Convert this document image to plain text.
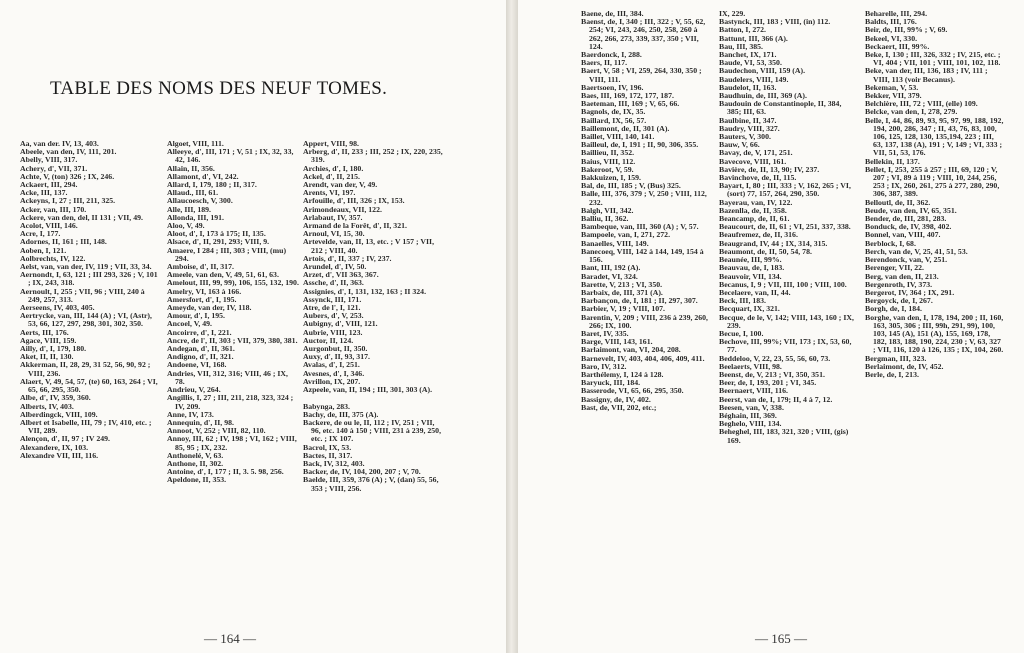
TABLE DES NOMS DES NEUF TOMES.

Aa, van der. IV, 13, 403.

Abeele, van den, IV, 111, 201.

Abelly, VIII, 317.

Achery, d', VII, 371.

Achte, V, (ton) 326 ; IX, 246.

Ackaert, III, 294.

Acke, III, 137.

Ackeyns, I, 27 ; III, 211, 325.

Acker, van, III, 170.

Ackere, van den, del, II 131 ; VII, 49.

Acolot, VIII, 146.

Acre, I, 177.

Adornes, II, 161 ; III, 148.

Aoben, I, 121.

Aolbrechts, IV, 122.

Aelst, van, van der, IV, 119 ; VII, 33, 34.

Aernondt, I, 63, 121 ; III 293, 326 ; V, 101 ; IX, 243, 318.

Aernoult, I, 255 ; VII, 96 ; VIII, 240 à 249, 257, 313.

Aerseens, IV, 403, 405.

Aertrycke, van, III, 144 (A) ; VI, (Astr), 53, 66, 127, 297, 298, 301, 302, 350.

Aerts, III, 176.

Agace, VIII, 159.

Ailly, d', I, 179, 180.

Aket, II, II, 130.

Akkerman, II, 28, 29, 31 52, 56, 90, 92 ; VIII, 236.

Alaert, V, 49, 54, 57, (te) 60, 163, 264 ; VI, 65, 66, 295, 350.

Albe, d', IV, 359, 360.

Alberts, IV, 403.

Alberdingck, VIII, 109.

Albert et Isabelle, III, 79 ; IV, 410, etc. ; VII, 289.

Alençon, d', II, 97 ; IV 249.

Alexandere, IX, 103.

Alexandre VII, III, 116.

Algoet, VIII, 111.

Alleeye, d', III, 171 ; V, 51 ; IX, 32, 33, 42, 146.

Allain, II, 356.

Allamont, d', VI, 242.

Allard, I, 179, 180 ; II, 317.

Allaud., III, 61.

Allaucoesch, V, 300.

Alle, III, 189.

Allonda, III, 191.

Aloo, V, 49.

Aloot, d', I, 173 à 175; II, 135.

Alsace, d', II, 291, 293; VIII, 9.

Amaere, I 284 ; III, 303 ; VIII, (mu) 294.

Amboise, d', II, 317.

Ameele, van den, V, 49, 51, 61, 63.

Amelout, III, 99, 99), 106, 155, 132, 190.

Amelry, VI, 163 à 166.

Amersfort, d', I, 195.

Ameyde, van der, IV, 118.

Amour, d', I, 195.

Ancoel, V, 49.

Ancoirre, d', I, 221.

Ancre, de l', II, 303 ; VII, 379, 380, 381.

Andegan, d', II, 361.

Andigno, d', II, 321.

Andoene, VI, 168.

Andries, VII, 312, 316; VIII, 46 ; IX, 78.

Andrieu, V, 264.

Angillis, I, 27 ; III, 211, 218, 323, 324 ; IV, 209.

Anne, IV, 173.

Annequin, d', II, 98.

Annoot, V, 252 ; VIII, 82, 110.

Annoy, III, 62 ; IV, 198 ; VI, 162 ; VIII, 85, 95 ; IX, 232.

Anthonelé, V, 63.

Anthone, II, 302.

Antoine, d', I, 177 ; II, 3. 5. 98, 256.

Apeldone, II, 353.

Appert, VIII, 98.

Arberg, d', II, 233 ; III, 252 ; IX, 220, 235, 319.

Archies, d', I, 180.

Ackel, d', II, 215.

Arendt, van der, V, 49.

Arents, VI, 197.

Arfouille, d', III, 326 ; IX, 153.

Arimondeaux, VII, 122.

Arlabaut, IV, 357.

Armand de la Forêt, d', II, 321.

Arnoul, VI, 15, 30.

Artevelde, van, II, 13, etc. ; V 157 ; VII, 212 ; VIII, 40.

Artois, d', II, 337 ; IV, 237.

Arundel, d', IV, 50.

Arzet, d', VII 363, 367.

Assche, d', II, 363.

Assignies, d', I, 131, 132, 163 ; II 324.

Assynck, III, 171.

Atre, de l', I, 121.

Aubers, d', V, 253.

Aubigny, d', VIII, 121.

Aubrie, VIII, 123.

Auctor, II, 124.

Aurgonbut, II, 350.

Auxy, d', II, 93, 317.

Avalas, d', I, 251.

Avesnes, d', I, 346.

Avrillon, IX, 207.

Azpeele, van, II, 194 ; III, 301, 303 (A).

Babynga, 283.

Bachy, de, III, 375 (A).

Backere, de ou le, II, 112 ; IV, 251 ; VII, 96, etc. 140 à 150 ; VIII, 231 à 239, 250, etc. ; IX 107.

Bacrol, IX, 53.

Bactes, II, 317.

Back, IV, 312, 403.

Backer, de, IV, 104, 200, 207 ; V, 70.

Baelde, III, 359, 376 (A) ; V, (dan) 55, 56, 353 ; VIII, 256.

— 164 —

Baene, de, III, 384.

Baenst, de, I, 340 ; III, 322 ; V, 55, 62, 254; VI, 243, 246, 250, 258, 260 à 262, 266, 273, 339, 337, 350 ; VII, 124.

Baerdonck, I, 288.

Baers, II, 117.

Baert, V, 58 ; VI, 259, 264, 330, 350 ; VIII, 111.

Baertsoen, IV, 196.

Baes, III, 169, 172, 177, 187.

Baeteman, III, 169 ; V, 65, 66.

Bagnols, de, IX, 35.

Baillard, IX, 56, 57.

Baillemont, de, II, 301 (A).

Baillet, VIII, 140, 141.

Bailleul, de, I, 191 ; II, 90, 306, 355.

Baillieu, II, 352.

Baius, VIII, 112.

Bakeroot, V, 59.

Bakkuizen, I, 159.

Bal, de, III, 185 ; V, (Bus) 325.

Balle, III, 376, 379 ; V, 250 ; VIII, 112, 232.

Balgh, VII, 342.

Balliu, II, 362.

Bambeque, van, III, 360 (A) ; V, 57.

Bampoele, van, I, 271, 272.

Banaelles, VIII, 149.

Banecoeq, VIII, 142 à 144, 149, 154 à 156.

Bant, III, 192 (A).

Baradet, VI, 324.

Barette, V, 213 ; VI, 350.

Barbaix, de, III, 371 (A).

Barbançon, de, I, 181 ; II, 297, 307.

Barbier, V, 19 ; VIII, 107.

Barentin, V, 209 ; VIII, 236 à 239, 260, 266; IX, 100.

Baret, IV, 335.

Barge, VIII, 143, 161.

Barlaimont, van, VI, 204, 208.

Barnevelt, IV, 403, 404, 406, 409, 411.

Baro, IV, 312.

Barthélemy, I, 124 à 128.

Baryuck, III, 184.

Basserode, VI, 65, 66, 295, 350.

Bassigny, de, IV, 402.

Bast, de, VII, 202, etc.;

IX, 229.

Bastynck, III, 183 ; VIII, (in) 112.

Batton, I, 272.

Battunt, III, 366 (A).

Bau, III, 385.

Banchet, IX, 171.

Baude, VI, 53, 350.

Baudechon, VIII, 159 (A).

Baudelers, VIII, 149.

Baudelot, II, 163.

Baudhuin, de, III, 369 (A).

Baudouin de Constantinople, II, 384, 385; III, 63.

Baulbine, II, 347.

Baudry, VIII, 327.

Bauters, V, 300.

Bauw, V, 66.

Bavay, de, V, 171, 251.

Bavecove, VIII, 161.

Bavière, de, II, 13, 90; IV, 237.

Bavinchove, de, II, 115.

Bayart, I, 80 ; III, 333 ; V, 162, 265 ; VI, (sort) 77, 157, 264, 290, 350.

Bayerau, van, IV, 122.

Bazenlla, de, II, 358.

Beancamp, de, II, 61.

Beaucourt, de, II, 61 ; VI, 251, 337, 338.

Beaufremez, de, II, 316.

Beaugrand, IV, 44 ; IX, 314, 315.

Beaumont, de, II, 50, 54, 78.

Beaunée, III, 99%.

Beauvau, de, I, 183.

Beauvoir, VII, 134.

Becanus, I, 9 ; VII, III, 100 ; VIII, 100.

Becelaere, van, II, 44.

Beck, III, 183.

Becquart, IX, 321.

Becque, de le, V, 142; VIII, 143, 160 ; IX, 239.

Becue, I, 100.

Bechove, III, 99%; VII, 173 ; IX, 53, 60, 77.

Beddeloo, V, 22, 23, 55, 56, 60, 73.

Beelaerts, VIII, 98.

Beenst, de, V, 213 ; VI, 350, 351.

Beer, de, I, 193, 201 ; VI, 345.

Beernaert, VIII, 116.

Beerst, van de, I, 179; II, 4 à 7, 12.

Beesen, van, V, 338.

Béghain, III, 369.

Beghelo, VIII, 134.

Beheghel, III, 183, 321, 320 ; VIII, (gis) 169.

Beharelle, III, 294.

Baldts, III, 176.

Beir, de, III, 99% ; V, 69.

Bekeel, VI, 330.

Beckaert, III, 99%.

Beke, I, 130 ; III, 326, 332 ; IV, 215, etc. ; VI, 404 ; VII, 101 ; VIII, 101, 102, 118.

Beke, van der, III, 136, 183 ; IV, 111 ; VIII, 113 (voir Becanus).

Bekeman, V, 53.

Bekker, VII, 379.

Belchière, III, 72 ; VIII, (elle) 109.

Belcke, van den, I, 278, 279.

Belle, I, 44, 86, 89, 93, 95, 97, 99, 188, 192, 194, 200, 286, 347 ; II, 43, 76, 83, 100, 106, 125, 128, 130, 135,194, 223 ; III, 63, 137, 138 (A), 191 ; V, 149 ; VI, 333 ; VII, 51, 53, 176.

Bellekin, II, 137.

Bellet, I, 253, 255 à 257 ; III, 69, 120 ; V, 207 ; VI, 89 à 119 ; VIII, 10, 244, 256, 253 ; IX, 260, 261, 275 à 277, 280, 290, 306, 387, 389.

Belloutl, de, II, 362.

Beude, van den, IV, 65, 351.

Bender, de, III, 281, 283.

Bonduck, de, IV, 398, 402.

Bonnel, van, VIII, 407.

Berblock, I, 68.

Berch, van de, V, 25, 41, 51, 53.

Berendonck, van, V, 251.

Berenger, VII, 22.

Berg, van den, II, 213.

Bergenroth, IV, 373.

Bergerot, IV, 364 ; IX, 291.

Bergoyck, de, I, 267.

Borgh, de, I, 184.

Borghe, van den, I, 178, 194, 200 ; II, 160, 163, 305, 306 ; III, 99h, 291, 99), 100, 103, 145 (A), 151 (A), 155, 169, 178, 182, 183, 188, 190, 224, 230 ; V, 63, 327 ; VII, 116, 120 à 126, 135 ; IX, 104, 260.

Bergman, III, 323.

Berlaimont, de, IV, 452.

Berle, de, I, 213.

— 165 —
